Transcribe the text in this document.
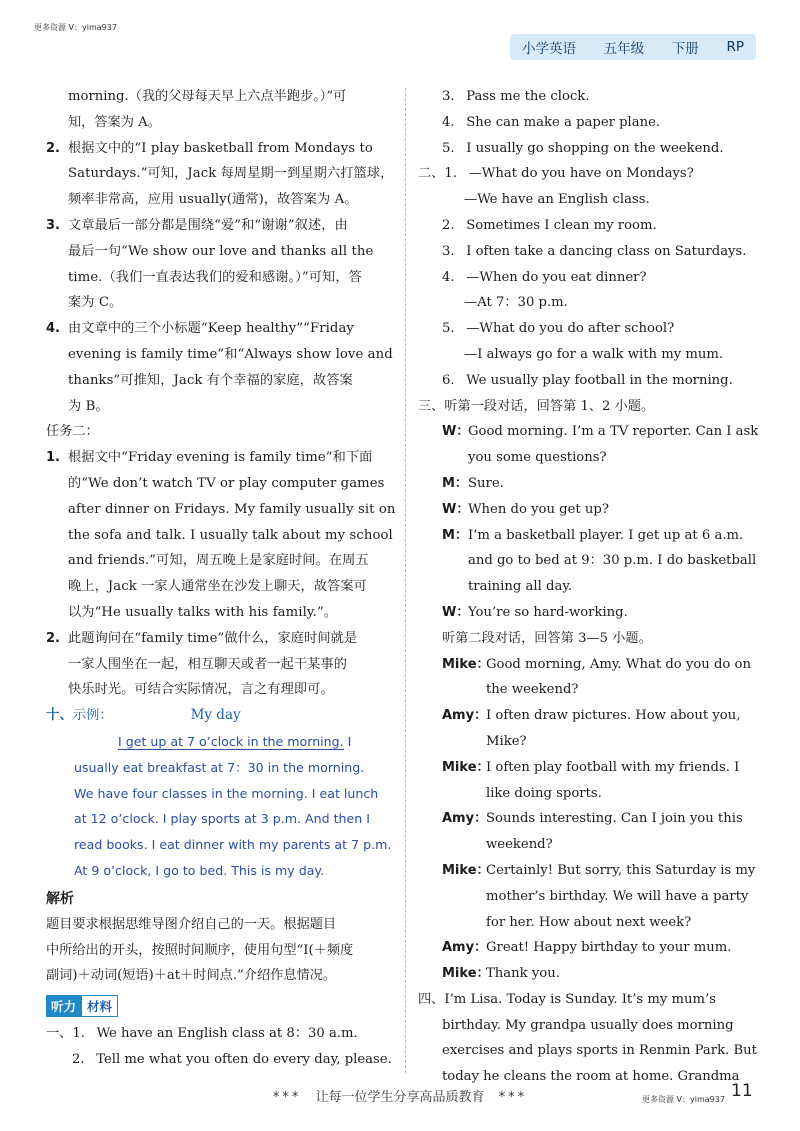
更多资源 V：yima937
小学英语 五年级 下册 RP
morning.（我的父母每天早上六点半跑步。）”可
知，答案为 A。
2. 根据文中的“I play basketball from Mondays to
Saturdays.”可知，Jack 每周星期一到星期六打篮球，
频率非常高，应用 usually(通常)，故答案为 A。
3. 文章最后一部分都是围绕“爱”和“谢谢”叙述，由
最后一句“We show our love and thanks all the
time.（我们一直表达我们的爱和感谢。）”可知，答
案为 C。
4. 由文章中的三个小标题“Keep healthy”“Friday
evening is family time”和“Always show love and
thanks”可推知，Jack 有个幸福的家庭，故答案
为 B。
任务二：
1. 根据文中“Friday evening is family time”和下面
的“We don’t watch TV or play computer games
after dinner on Fridays. My family usually sit on
the sofa and talk. I usually talk about my school
and friends.”可知，周五晚上是家庭时间。在周五
晚上，Jack 一家人通常坐在沙发上聊天，故答案可
以为“He usually talks with his family.”。
2. 此题询问在“family time”做什么，家庭时间就是
一家人围坐在一起，相互聊天或者一起干某事的
快乐时光。可结合实际情况，言之有理即可。
十、 示例：	My day
I get up at 7 o’clock in the morning. I
usually eat breakfast at 7：30 in the morning.
We have four classes in the morning. I eat lunch
at 12 o’clock. I play sports at 3 p.m. And then I
read books. I eat dinner with my parents at 7 p.m.
At 9 o’clock, I go to bed. This is my day.
解析
题目要求根据思维导图介绍自己的一天。根据题目
中所给出的开头，按照时间顺序，使用句型“I(＋频度
副词)＋动词(短语)＋at＋时间点.”介绍作息情况。
听力 材料
一、1. We have an English class at 8：30 a.m.
2. Tell me what you often do every day, please.
3. Pass me the clock.
4. She can make a paper plane.
5. I usually go shopping on the weekend.
二、1. —What do you have on Mondays?
—We have an English class.
2. Sometimes I clean my room.
3. I often take a dancing class on Saturdays.
4. —When do you eat dinner?
—At 7：30 p.m.
5. —What do you do after school?
—I always go for a walk with my mum.
6. We usually play football in the morning.
三、听第一段对话，回答第 1、2 小题。
W：
Good morning. I’m a TV reporter. Can I ask
you some questions?
M： Sure.
W：
When do you get up?
M： I’m a basketball player. I get up at 6 a.m.
and go to bed at 9：30 p.m. I do basketball
training all day.
W：
You’re so hard-working.
听第二段对话，回答第 3—5 小题。
Mike：
Good morning, Amy. What do you do on
the weekend?
Amy：
I often draw pictures. How about you,
Mike?
Mike：
I often play football with my friends. I
like doing sports.
Amy：
Sounds interesting. Can I join you this
weekend?
Mike：
Certainly! But sorry, this Saturday is my
mother’s birthday. We will have a party
for her. How about next week?
Amy：
Great! Happy birthday to your mum.
Mike：
Thank you.
四、I’m Lisa. Today is Sunday. It’s my mum’s
birthday. My grandpa usually does morning
exercises and plays sports in Renmin Park. But
today he cleans the room at home. Grandma
*** 让每一位学生分享高品质教育 ***	更多资源 V：yima937 11
